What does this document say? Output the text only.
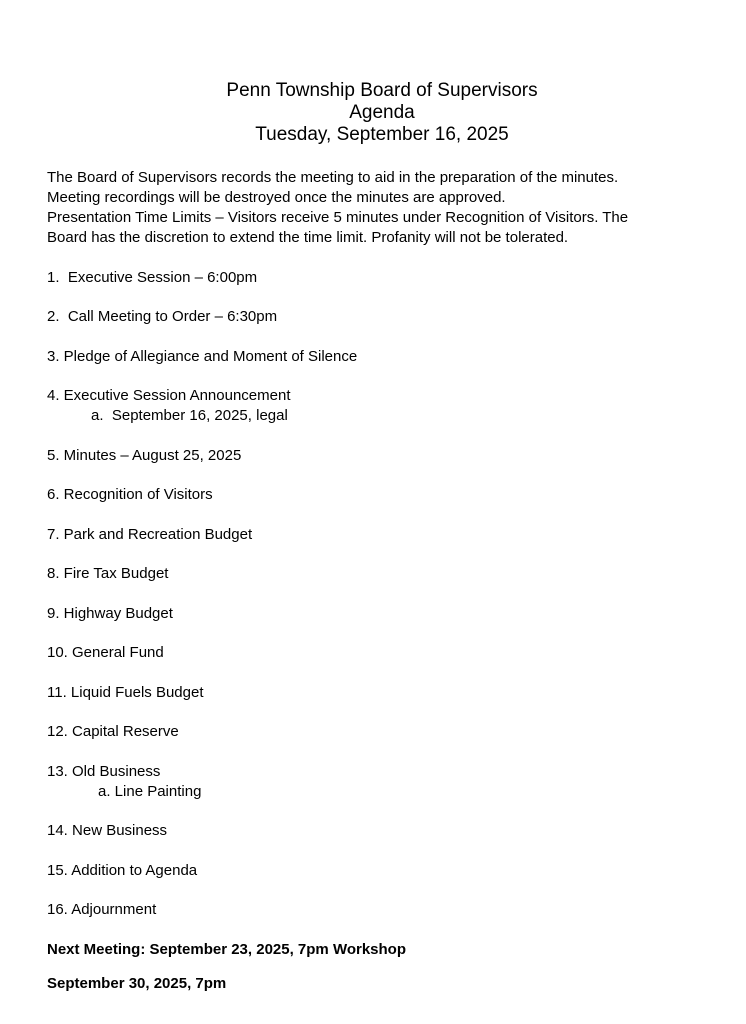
Penn Township Board of Supervisors
Agenda
Tuesday, September 16, 2025
The Board of Supervisors records the meeting to aid in the preparation of the minutes.
Meeting recordings will be destroyed once the minutes are approved.
Presentation Time Limits – Visitors receive 5 minutes under Recognition of Visitors. The
Board has the discretion to extend the time limit. Profanity will not be tolerated.
1.  Executive Session – 6:00pm
2.  Call Meeting to Order – 6:30pm
3. Pledge of Allegiance and Moment of Silence
4. Executive Session Announcement
a.  September 16, 2025, legal
5. Minutes – August 25, 2025
6. Recognition of Visitors
7. Park and Recreation Budget
8. Fire Tax Budget
9. Highway Budget
10. General Fund
11. Liquid Fuels Budget
12. Capital Reserve
13. Old Business
a. Line Painting
14. New Business
15. Addition to Agenda
16. Adjournment
Next Meeting: September 23, 2025, 7pm Workshop
September 30, 2025, 7pm
